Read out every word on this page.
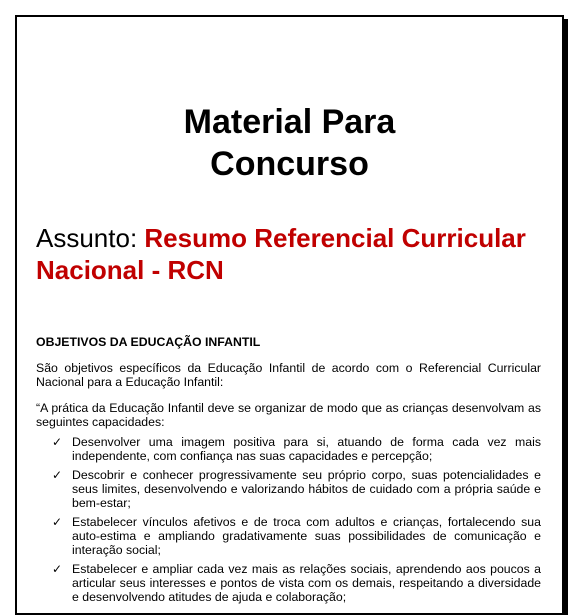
Material Para
Concurso
Assunto: Resumo Referencial Curricular Nacional - RCN
OBJETIVOS DA EDUCAÇÃO INFANTIL
São objetivos específicos da Educação Infantil de acordo com o Referencial Curricular Nacional para a Educação Infantil:
“A prática da Educação Infantil deve se organizar de modo que as crianças desenvolvam as seguintes capacidades:
✓ Desenvolver uma imagem positiva para si, atuando de forma cada vez mais independente, com confiança nas suas capacidades e percepção;
✓ Descobrir e conhecer progressivamente seu próprio corpo, suas potencialidades e seus limites, desenvolvendo e valorizando hábitos de cuidado com a própria saúde e bem-estar;
✓ Estabelecer vínculos afetivos e de troca com adultos e crianças, fortalecendo sua auto-estima e ampliando gradativamente suas possibilidades de comunicação e interação social;
✓ Estabelecer e ampliar cada vez mais as relações sociais, aprendendo aos poucos a articular seus interesses e pontos de vista com os demais, respeitando a diversidade e desenvolvendo atitudes de ajuda e colaboração;
